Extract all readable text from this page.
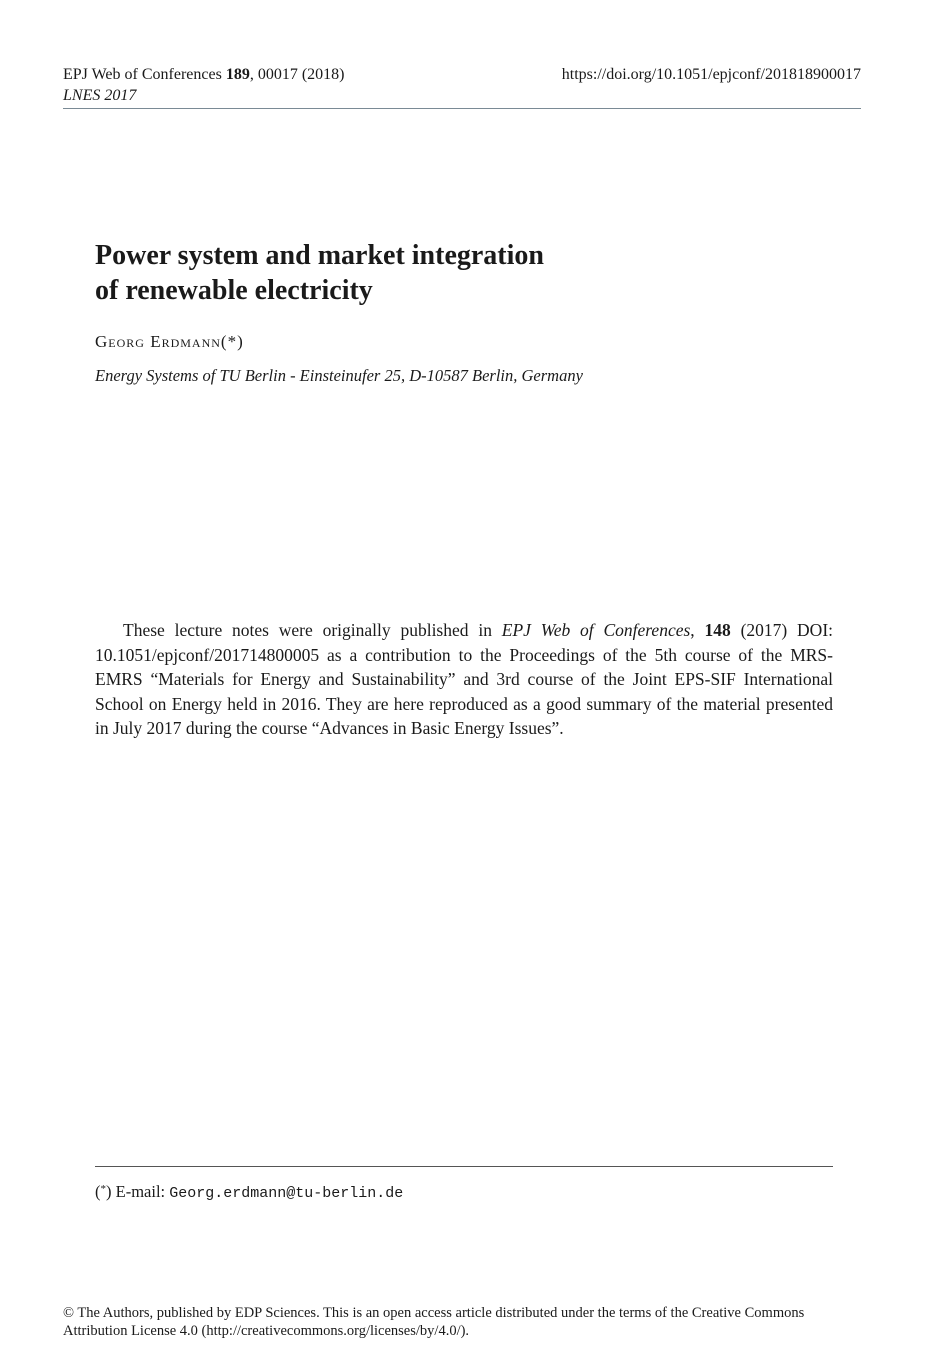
EPJ Web of Conferences 189, 00017 (2018)	https://doi.org/10.1051/epjconf/201818900017
LNES 2017
Power system and market integration
of renewable electricity
Georg Erdmann(*)
Energy Systems of TU Berlin - Einsteinufer 25, D-10587 Berlin, Germany

These lecture notes were originally published in EPJ Web of Conferences, 148 (2017) DOI: 10.1051/epjconf/201714800005 as a contribution to the Proceedings of the 5th course of the MRS-EMRS “Materials for Energy and Sustainability” and 3rd course of the Joint EPS-SIF International School on Energy held in 2016. They are here reproduced as a good summary of the material presented in July 2017 during the course “Advances in Basic Energy Issues”.

(*) E-mail: Georg.erdmann@tu-berlin.de
© The Authors, published by EDP Sciences. This is an open access article distributed under the terms of the Creative Commons
Attribution License 4.0 (http://creativecommons.org/licenses/by/4.0/).
